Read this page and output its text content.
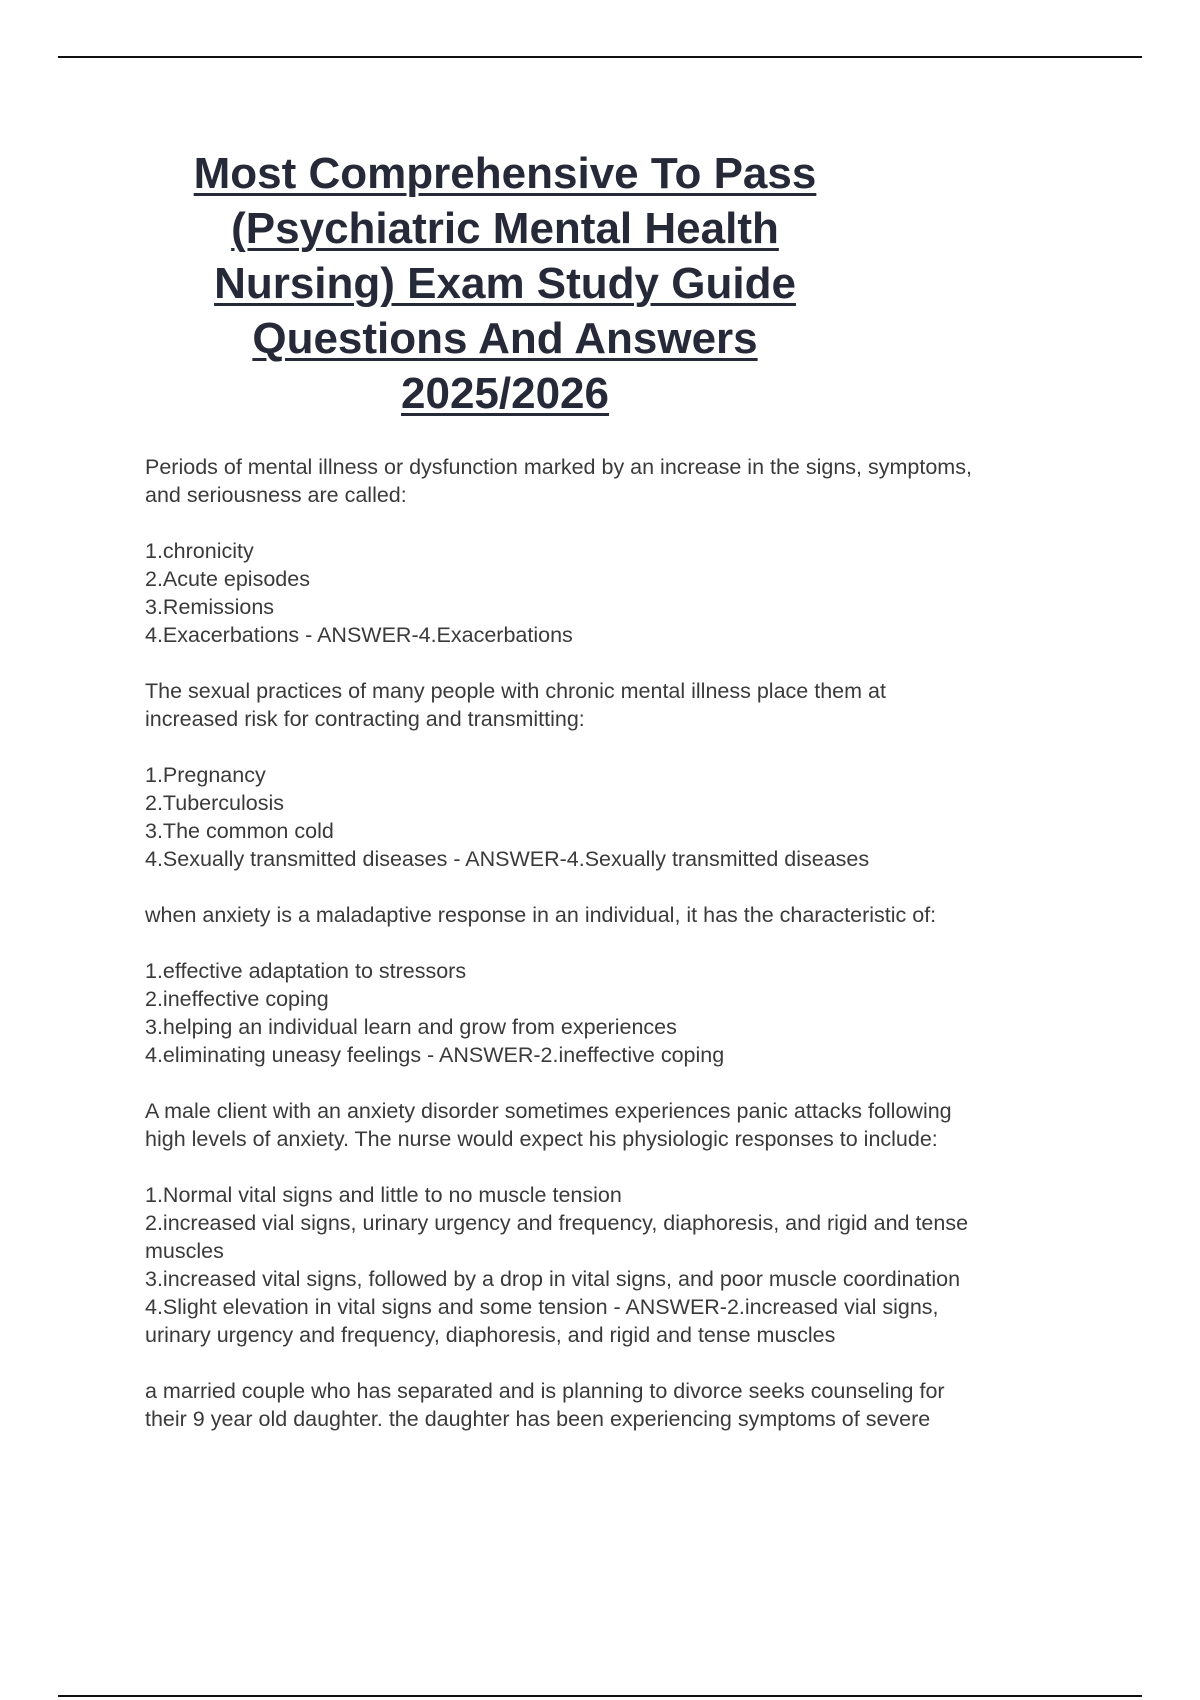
Most Comprehensive To Pass
(Psychiatric Mental Health
Nursing) Exam Study Guide
Questions And Answers
2025/2026
Periods of mental illness or dysfunction marked by an increase in the signs, symptoms,
and seriousness are called:
1.chronicity
2.Acute episodes
3.Remissions
4.Exacerbations - ANSWER-4.Exacerbations
The sexual practices of many people with chronic mental illness place them at
increased risk for contracting and transmitting:
1.Pregnancy
2.Tuberculosis
3.The common cold
4.Sexually transmitted diseases - ANSWER-4.Sexually transmitted diseases
when anxiety is a maladaptive response in an individual, it has the characteristic of:
1.effective adaptation to stressors
2.ineffective coping
3.helping an individual learn and grow from experiences
4.eliminating uneasy feelings - ANSWER-2.ineffective coping
A male client with an anxiety disorder sometimes experiences panic attacks following
high levels of anxiety. The nurse would expect his physiologic responses to include:
1.Normal vital signs and little to no muscle tension
2.increased vial signs, urinary urgency and frequency, diaphoresis, and rigid and tense
muscles
3.increased vital signs, followed by a drop in vital signs, and poor muscle coordination
4.Slight elevation in vital signs and some tension - ANSWER-2.increased vial signs,
urinary urgency and frequency, diaphoresis, and rigid and tense muscles
a married couple who has separated and is planning to divorce seeks counseling for
their 9 year old daughter. the daughter has been experiencing symptoms of severe
